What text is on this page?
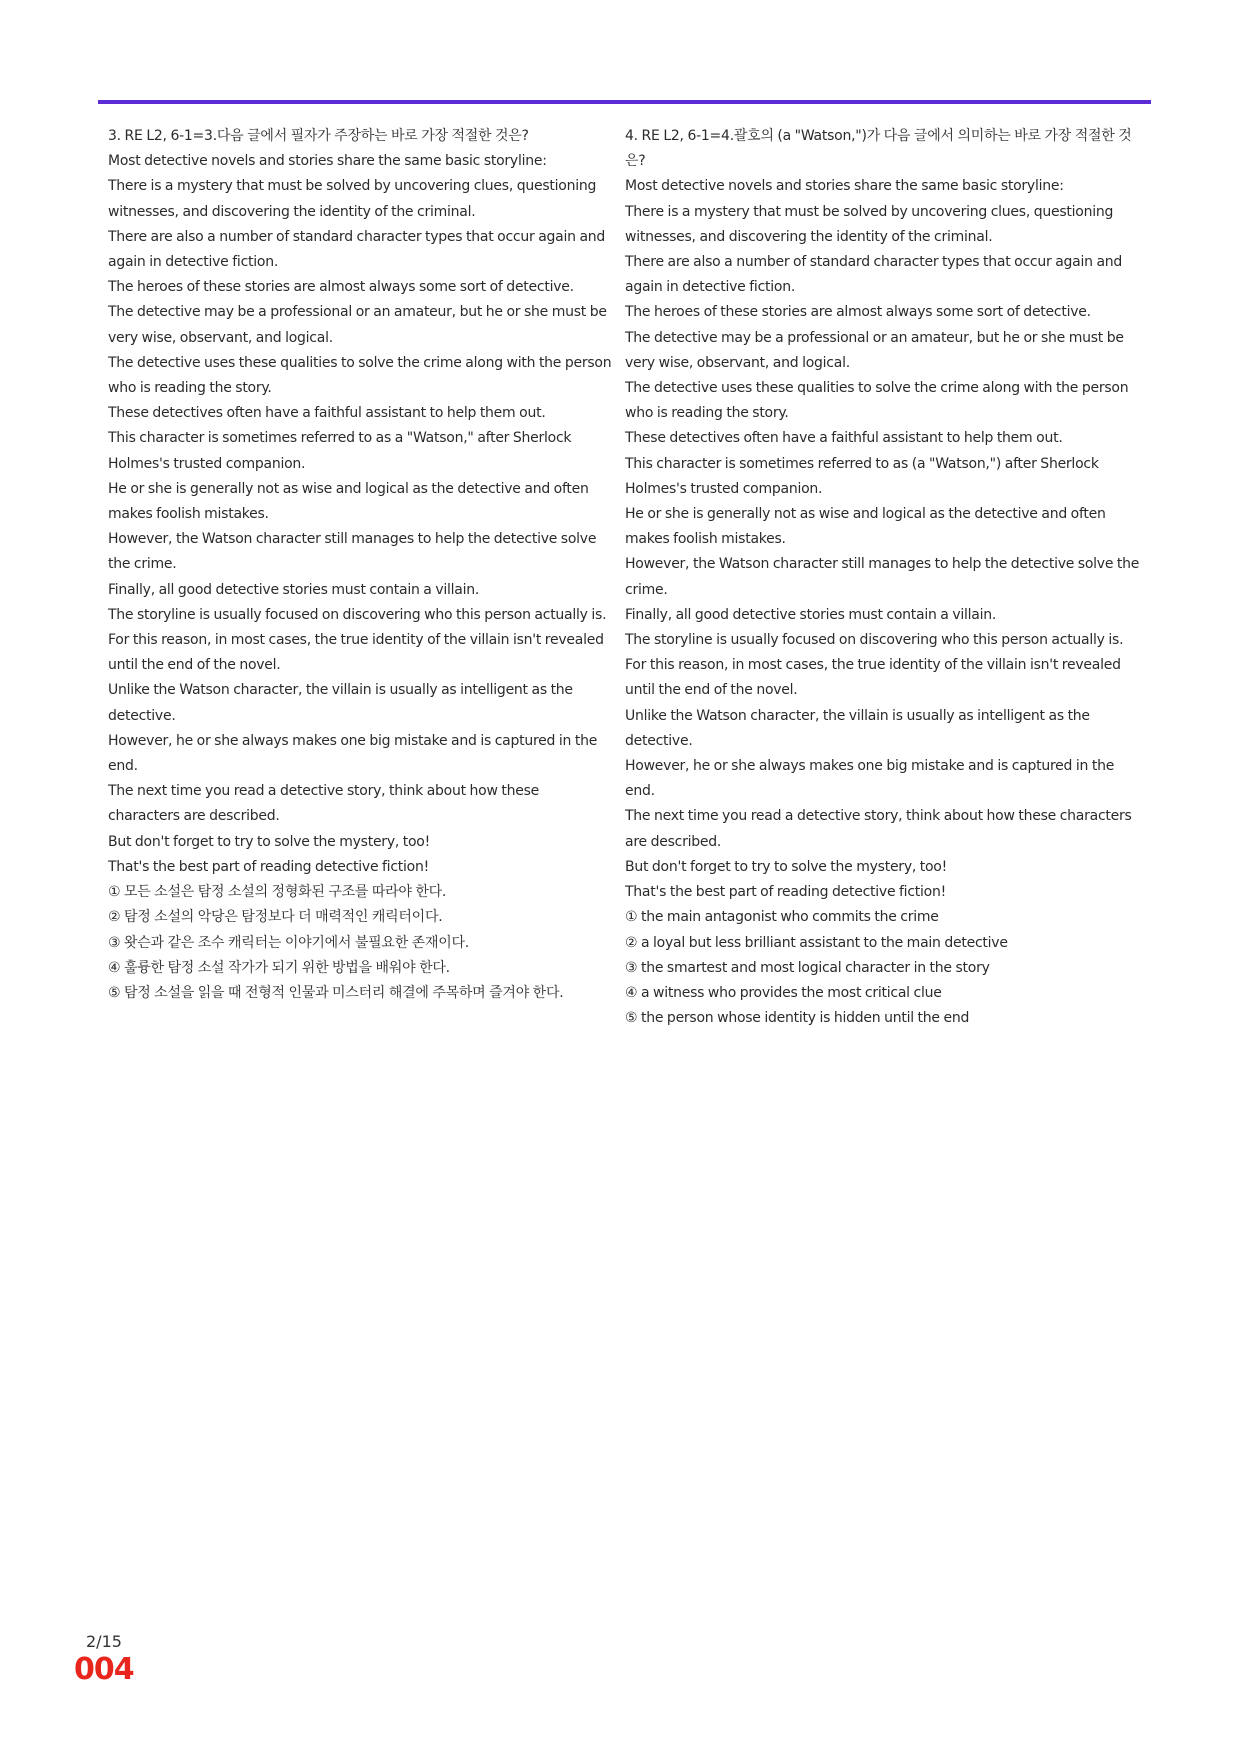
3. RE L2, 6-1=3.다음 글에서 필자가 주장하는 바로 가장 적절한 것은?
Most detective novels and stories share the same basic storyline:
There is a mystery that must be solved by uncovering clues, questioning witnesses, and discovering the identity of the criminal.
There are also a number of standard character types that occur again and again in detective fiction.
The heroes of these stories are almost always some sort of detective.
The detective may be a professional or an amateur, but he or she must be very wise, observant, and logical.
The detective uses these qualities to solve the crime along with the person who is reading the story.
These detectives often have a faithful assistant to help them out.
This character is sometimes referred to as a "Watson," after Sherlock Holmes's trusted companion.
He or she is generally not as wise and logical as the detective and often makes foolish mistakes.
However, the Watson character still manages to help the detective solve the crime.
Finally, all good detective stories must contain a villain.
The storyline is usually focused on discovering who this person actually is.
For this reason, in most cases, the true identity of the villain isn't revealed until the end of the novel.
Unlike the Watson character, the villain is usually as intelligent as the detective.
However, he or she always makes one big mistake and is captured in the end.
The next time you read a detective story, think about how these characters are described.
But don't forget to try to solve the mystery, too!
That's the best part of reading detective fiction!
① 모든 소설은 탐정 소설의 정형화된 구조를 따라야 한다.
② 탐정 소설의 악당은 탐정보다 더 매력적인 캐릭터이다.
③ 왓슨과 같은 조수 캐릭터는 이야기에서 불필요한 존재이다.
④ 훌륭한 탐정 소설 작가가 되기 위한 방법을 배워야 한다.
⑤ 탐정 소설을 읽을 때 전형적 인물과 미스터리 해결에 주목하며 즐겨야 한다.
4. RE L2, 6-1=4.괄호의 (a "Watson,")가 다음 글에서 의미하는 바로 가장 적절한 것은?
Most detective novels and stories share the same basic storyline:
There is a mystery that must be solved by uncovering clues, questioning witnesses, and discovering the identity of the criminal.
There are also a number of standard character types that occur again and again in detective fiction.
The heroes of these stories are almost always some sort of detective.
The detective may be a professional or an amateur, but he or she must be very wise, observant, and logical.
The detective uses these qualities to solve the crime along with the person who is reading the story.
These detectives often have a faithful assistant to help them out.
This character is sometimes referred to as (a "Watson,") after Sherlock Holmes's trusted companion.
He or she is generally not as wise and logical as the detective and often makes foolish mistakes.
However, the Watson character still manages to help the detective solve the crime.
Finally, all good detective stories must contain a villain.
The storyline is usually focused on discovering who this person actually is.
For this reason, in most cases, the true identity of the villain isn't revealed until the end of the novel.
Unlike the Watson character, the villain is usually as intelligent as the detective.
However, he or she always makes one big mistake and is captured in the end.
The next time you read a detective story, think about how these characters are described.
But don't forget to try to solve the mystery, too!
That's the best part of reading detective fiction!
① the main antagonist who commits the crime
② a loyal but less brilliant assistant to the main detective
③ the smartest and most logical character in the story
④ a witness who provides the most critical clue
⑤ the person whose identity is hidden until the end
2/15
004
